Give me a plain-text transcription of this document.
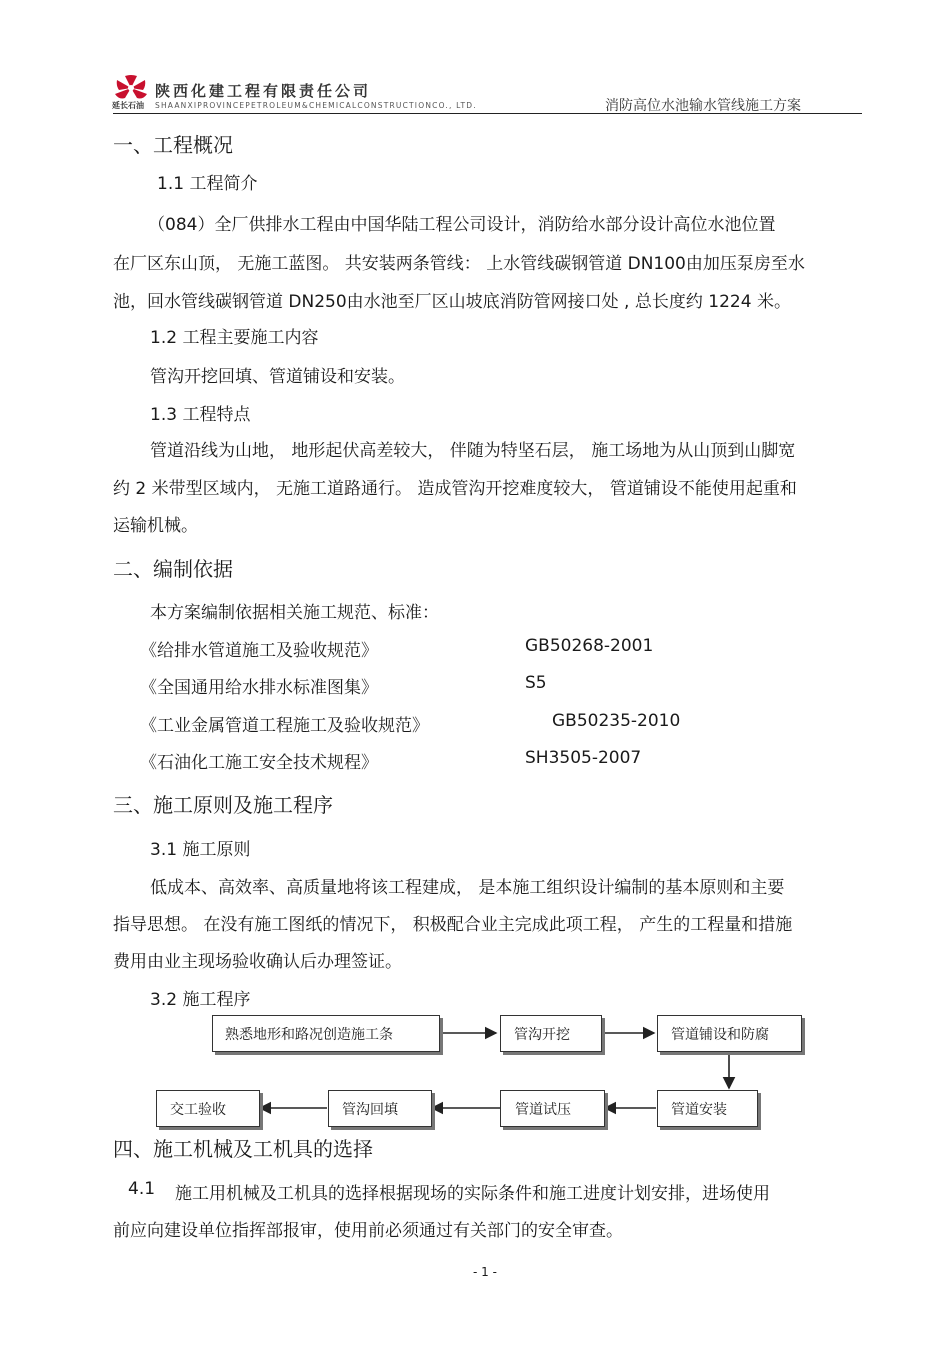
延长石油
陕西化建工程有限责任公司
SHAANXIPROVINCEPETROLEUM&CHEMICALCONSTRUCTIONCO., LTD.	消防高位水池输水管线施工方案
一、工程概况
1.1 工程简介
（084）全厂供排水工程由中国华陆工程公司设计，消防给水部分设计高位水池位置
在厂区东山顶， 无施工蓝图。 共安装两条管线： 上水管线碳钢管道 DN100由加压泵房至水
池，回水管线碳钢管道 DN250由水池至厂区山坡底消防管网接口处 , 总长度约 1224 米。
1.2 工程主要施工内容
管沟开挖回填、管道铺设和安装。
1.3 工程特点
管道沿线为山地， 地形起伏高差较大， 伴随为特坚石层， 施工场地为从山顶到山脚宽
约 2 米带型区域内， 无施工道路通行。 造成管沟开挖难度较大， 管道铺设不能使用起重和
运输机械。
二、编制依据
本方案编制依据相关施工规范、标准：
《给排水管道施工及验收规范》	GB50268-2001
《全国通用给水排水标准图集》	S5
《工业金属管道工程施工及验收规范》	GB50235-2010
《石油化工施工安全技术规程》	SH3505-2007
三、施工原则及施工程序
3.1 施工原则
低成本、高效率、高质量地将该工程建成， 是本施工组织设计编制的基本原则和主要
指导思想。 在没有施工图纸的情况下， 积极配合业主完成此项工程， 产生的工程量和措施
费用由业主现场验收确认后办理签证。
3.2 施工程序
熟悉地形和路况创造施工条	管沟开挖	管道铺设和防腐
管道安装
管道试压
管沟回填
交工验收
四、施工机械及工机具的选择
4.1 施工用机械及工机具的选择根据现场的实际条件和施工进度计划安排，进场使用
前应向建设单位指挥部报审，使用前必须通过有关部门的安全审查。
- 1 -
